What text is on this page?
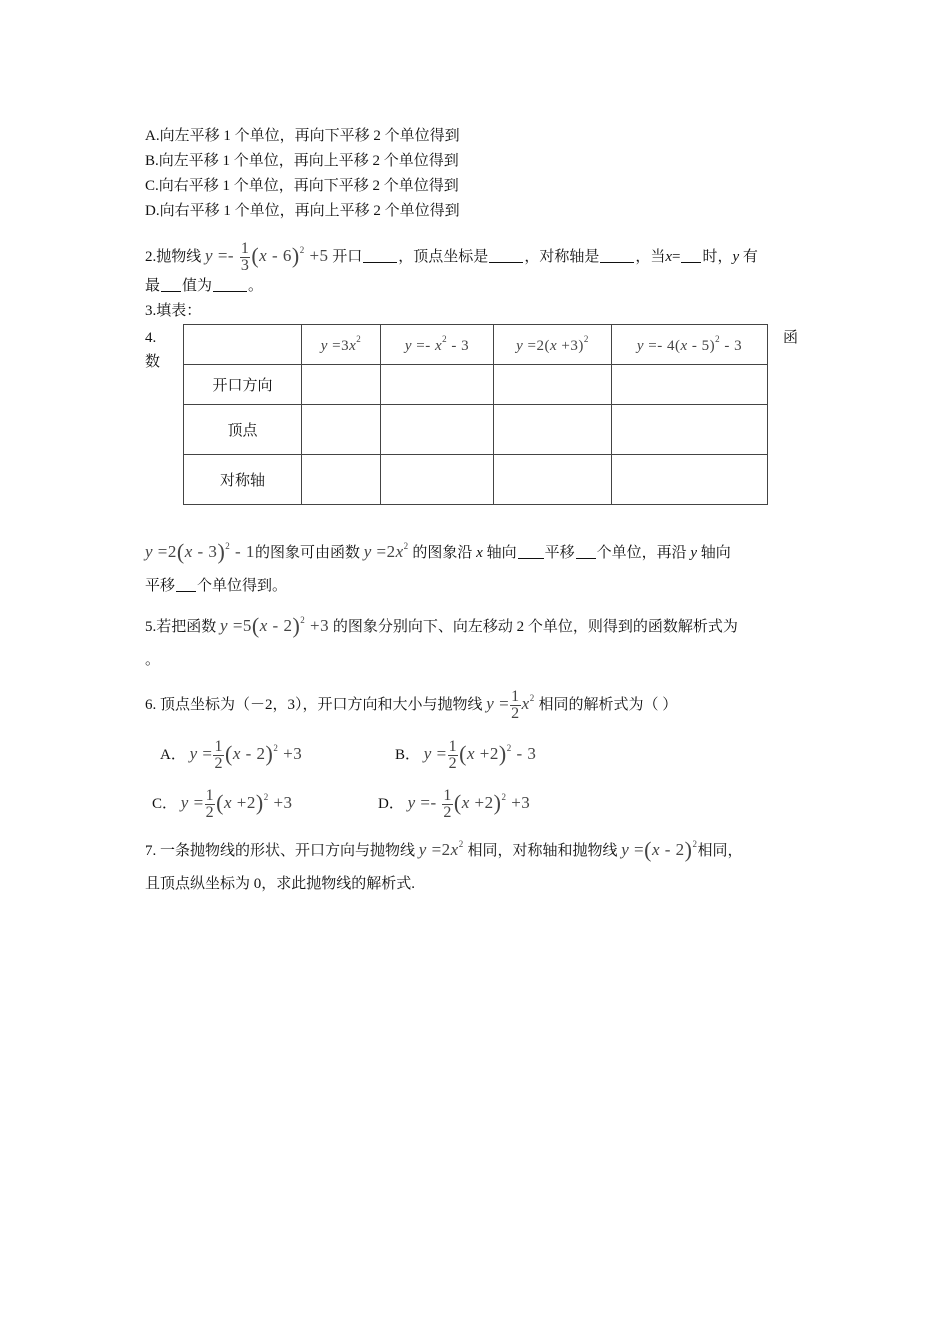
A.向左平移 1 个单位，再向下平移 2 个单位得到
B.向左平移 1 个单位，再向上平移 2 个单位得到
C.向右平移 1 个单位，再向下平移 2 个单位得到
D.向右平移 1 个单位，再向上平移 2 个单位得到
2.抛物线 $y =- \frac{1}{3} (x - 6)^2 +5$ 开口 ，顶点坐标是 ，对称轴是 ，当x= 时，y 有
最 值为 。
3.填表：
4.
数
函
	$y =3x^2$	$y =- x^2 - 3$	$y =2(x +3)^2$	y =- 4(x - 5)$^2$ - 3
开口方向				
顶点				
对称轴				
y =2(x - 3)$^2$ - 1的图象可由函数 $y =2x^2$ 的图象沿 x 轴向 平移 个单位，再沿 y 轴向
平移 个单位得到。
5.若把函数 y =5(x - 2)$^2$ +3 的图象分别向下、向左移动 2 个单位，则得到的函数解析式为
。
6. 顶点坐标为（－2，3），开口方向和大小与抛物线 $y = \frac{1}{2} x^2$ 相同的解析式为（ ）
A． $y = \frac{1}{2} (x - 2)^2 +3$	B． $y = \frac{1}{2} (x +2)^2 - 3$
C． $y = \frac{1}{2} (x +2)^2 +3$	D． $y =- \frac{1}{2} (x +2)^2 +3$
7. 一条抛物线的形状、开口方向与抛物线 $y =2x^2$ 相同，对称轴和抛物线 y =(x - 2)$^2$相同，
且顶点纵坐标为 0，求此抛物线的解析式.
